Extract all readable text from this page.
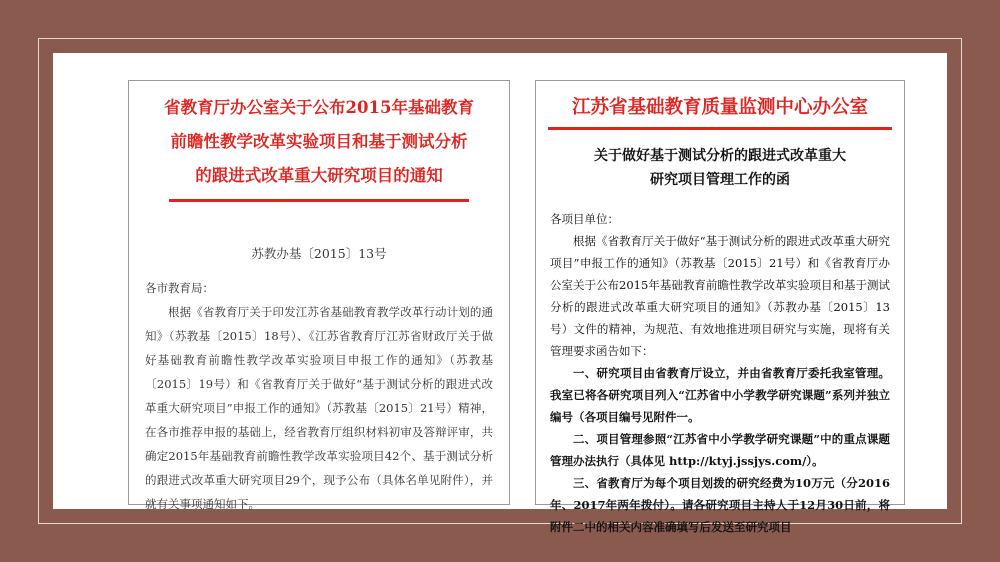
省教育厅办公室关于公布2015年基础教育

前瞻性教学改革实验项目和基于测试分析

的跟进式改革重大研究项目的通知

苏教办基〔2015〕13号

各市教育局：

根据《省教育厅关于印发江苏省基础教育教学改革行动计划的通知》（苏教基〔2015〕18号）、《江苏省教育厅江苏省财政厅关于做好基础教育前瞻性教学改革实验项目申报工作的通知》（苏教基〔2015〕19号）和《省教育厅关于做好“基于测试分析的跟进式改革重大研究项目”申报工作的通知》（苏教基〔2015〕21号）精神，在各市推荐申报的基础上，经省教育厅组织材料初审及答辩评审，共确定2015年基础教育前瞻性教学改革实验项目42个、基于测试分析的跟进式改革重大研究项目29个，现予公布（具体名单见附件），并就有关事项通知如下。

江苏省基础教育质量监测中心办公室

关于做好基于测试分析的跟进式改革重大

研究项目管理工作的函

各项目单位：

根据《省教育厅关于做好“基于测试分析的跟进式改革重大研究项目”申报工作的通知》（苏教基〔2015〕21号）和《省教育厅办公室关于公布2015年基础教育前瞻性教学改革实验项目和基于测试分析的跟进式改革重大研究项目的通知》（苏教办基〔2015〕13号）文件的精神，为规范、有效地推进项目研究与实施，现将有关管理要求函告如下：

一、研究项目由省教育厅设立，并由省教育厅委托我室管理。我室已将各研究项目列入“江苏省中小学教学研究课题”系列并独立编号（各项目编号见附件一。

二、项目管理参照“江苏省中小学教学研究课题”中的重点课题管理办法执行（具体见 http://ktyj.jssjys.com/）。

三、省教育厅为每个项目划拨的研究经费为10万元（分2016年、2017年两年拨付）。请各研究项目主持人于12月30日前，将附件二中的相关内容准确填写后发送至研究项目
